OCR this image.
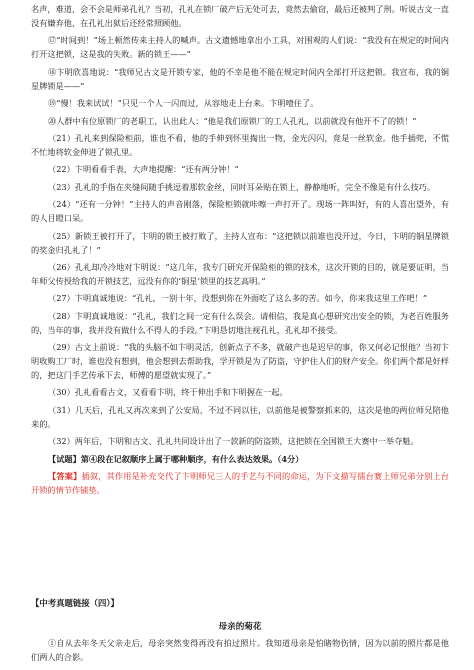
名声，难道，会不会是师弟孔礼？当初，孔礼在锁厂破产后无处可去，竟然去偷窃，最后还被判了刑。听说古文一直没有嫌弃他，在孔礼出狱后还经常照顾他。

⑰“时间到！”场上顿然传来主持人的喊声。古文遗憾地拿出小工具，对围观的人们说：“我没有在规定的时间内打开这把锁，这是我的失败。新的锁王——”

⑱卞明欣喜地说：“我师兄古文是开锁专家，他的不幸是他不能在规定时间内全部打开这把锁。我宣布，我的铜星牌锁是——”

⑲“慢！我来试试！”只见一个人一闪而过，从容地走上台来。卞明噎住了。

⑳人群中有位原锁厂的老职工，认出此人：“他是我们原锁厂的工人孔礼，以前就没有他开不了的锁！”

（21）孔礼来到保险柜前，谁也不看，他的手伸到怀里掏出一物，金光闪闪，竟是一丝软金。他手插兜，不慌不忙地将软金伸进了锁孔里。

（22）卞明看看手表，大声地提醒：“还有两分钟！”

（23）孔礼的手指在夹缝间随手挑逗着那软金丝，同时耳朵贴在锁上，静静地听，完全不像是有什么技巧。

（24）“还有一分钟！”主持人的声音刚落，保险柜锁就咔嚓一声打开了。现场一阵叫好，有的人喜出望外，有的人目瞪口呆。

（25）新锁王被打开了，卞明的锁王被打败了，主持人宣布：“这把锁以前谁也没开过，今日，卞明的铜星牌锁的奖金归孔礼了！”

（26）孔礼却冷冷地对卞明说：“这几年，我专门研究开保险柜的锁的技术，这次开锁的目的，就是要证明，当年师父传授给我的开锁技艺，远没有你的‘铜星’锁里的技艺高明。”

（27）卞明真诚地说：“孔礼，一别十年，没想到你在外面吃了这么多的苦。如今，你来我这里工作吧！”

（28）卞明真诚地说：“孔礼，我们之间一定有什么误会。请相信，我是真心想研究出安全的锁，为老百姓服务的，当年的事，我并没有做什么不得人的手段。”卞明恳切地注视孔礼，孔礼却不接受。

（29）古文上前说：“我的头脑不如卞明灵活，创新点子不多，就破产也是迟早的事，你又何必记恨他？当初卞明收购工厂时，谁也没有想到，他会想到去帮助我，学开锁是为了防盗，守护住人们的财产安全。你们两个都是好样的，把这门手艺传承下去，师傅的愿望就实现了。”

（30）孔礼看看古文，又看看卞明，终于伸出手和卞明握在一起。

（31）几天后，孔礼又再次来到了公安局，不过不同以往，以前他是被警察抓来的，这次是他的两位师兄陪他来的。

（32）两年后，卞明和古文、孔礼共同设计出了一款新的防盗锁，这把锁在全国锁王大赛中一举夺魁。

【试题】第④段在记叙顺序上属于哪种顺序，有什么表达效果。（4分）

【答案】插叙，其作用是补充交代了卞明师兄三人的手艺与不同的命运，为下文描写擂台赛上师兄弟分别上台开锁的情节作铺垫。

【中考真题链接（四）】
母亲的菊花

①自从去年冬天父亲走后，母亲突然变得再没有拍过照片。我知道母亲是怕睹物伤情，因为以前的照片都是他们两人的合影。
